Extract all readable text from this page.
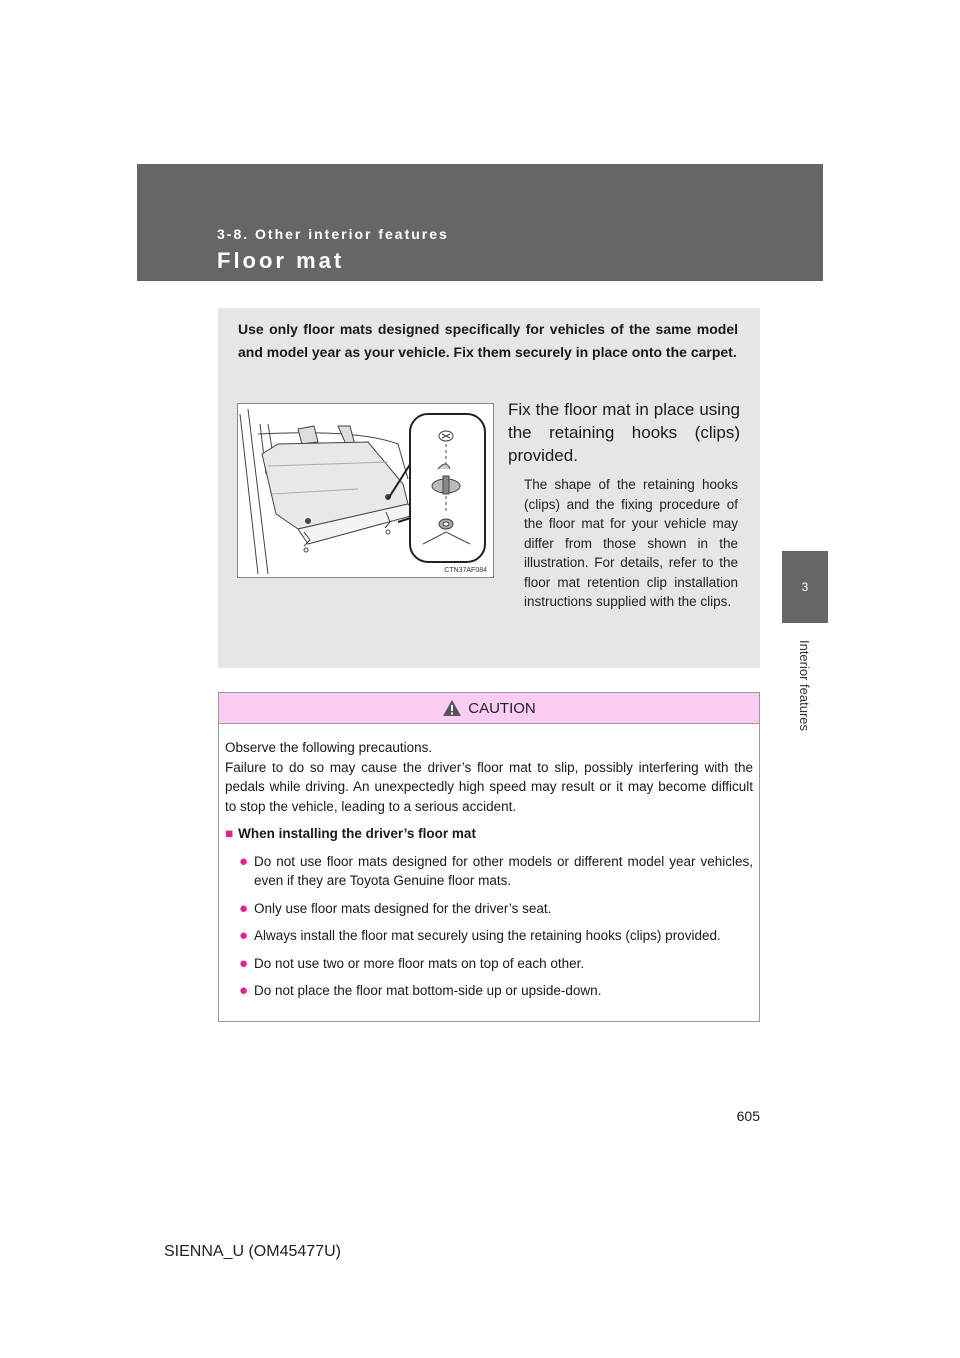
3-8. Other interior features
Floor mat
3
Interior features
Use only floor mats designed specifically for vehicles of the same model and model year as your vehicle. Fix them securely in place onto the carpet.
CTN37AF084
Fix the floor mat in place using the retaining hooks (clips) provided.
The shape of the retaining hooks (clips) and the fixing procedure of the floor mat for your vehicle may differ from those shown in the illustration. For details, refer to the floor mat retention clip installation instructions supplied with the clips.
CAUTION

Observe the following precautions.

Failure to do so may cause the driver’s floor mat to slip, possibly interfering with the pedals while driving. An unexpectedly high speed may result or it may become difficult to stop the vehicle, leading to a serious accident.

■ When installing the driver’s floor mat

● Do not use floor mats designed for other models or different model year vehicles, even if they are Toyota Genuine floor mats.
● Only use floor mats designed for the driver’s seat.
● Always install the floor mat securely using the retaining hooks (clips) provided.
● Do not use two or more floor mats on top of each other.
● Do not place the floor mat bottom-side up or upside-down.
605
SIENNA_U (OM45477U)
